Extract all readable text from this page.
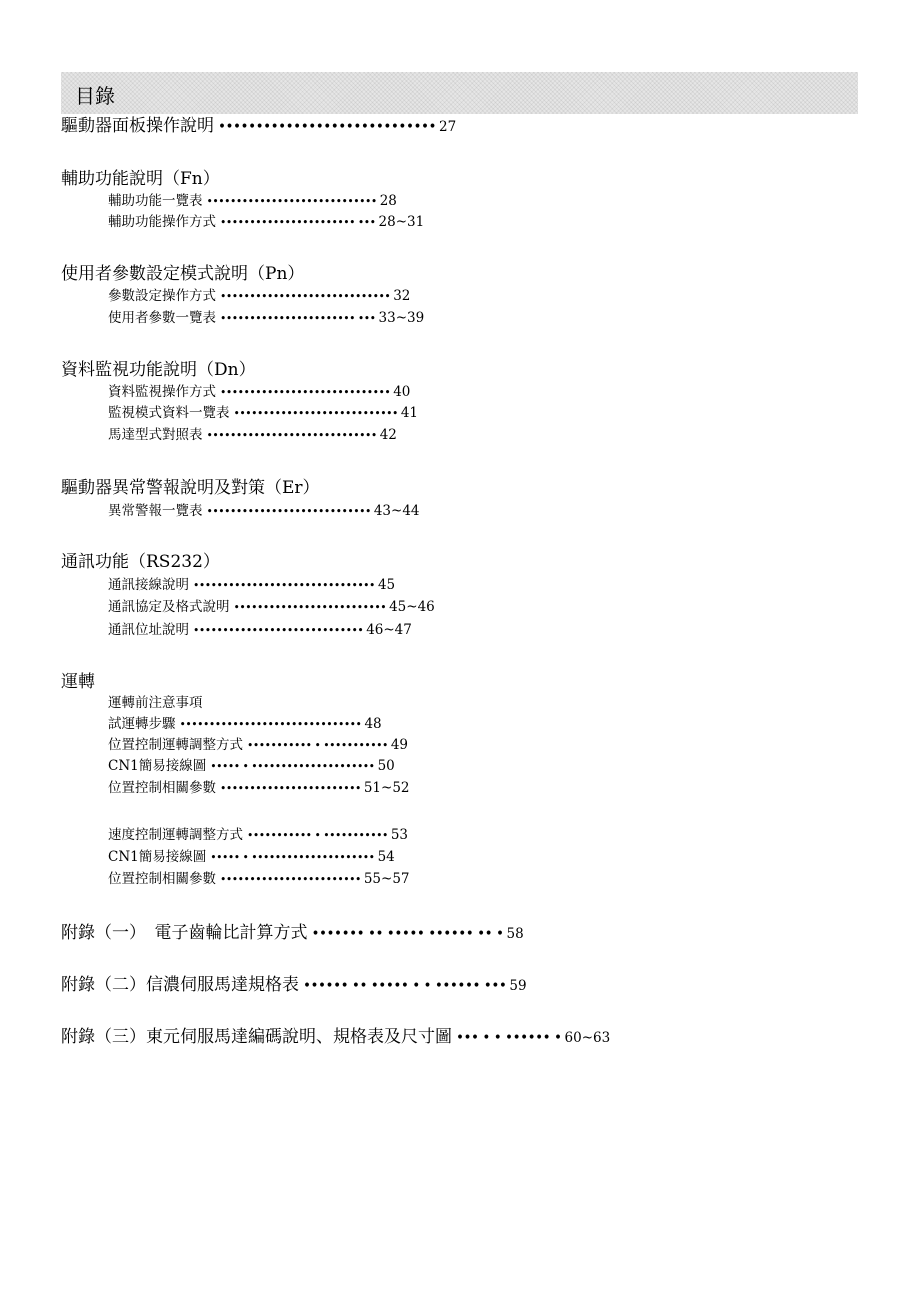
目錄
驅動器面板操作說明 ••••••••••••••••••••••••••••• 27
輔助功能說明（Fn）
輔助功能一覽表 ••••••••••••••••••••••••••••• 28
輔助功能操作方式 ••••••••••••••••••••••• ••• 28~31
使用者參數設定模式說明（Pn）
參數設定操作方式 ••••••••••••••••••••••••••••• 32
使用者參數一覽表 ••••••••••••••••••••••• ••• 33~39
資料監視功能說明（Dn）
資料監視操作方式 ••••••••••••••••••••••••••••• 40
監視模式資料一覽表 •••••••••••••••••••••••••••• 41
馬達型式對照表 ••••••••••••••••••••••••••••• 42
驅動器異常警報說明及對策（Er）
異常警報一覽表 •••••••••••••••••••••••••••• 43~44
通訊功能（RS232）
通訊接線說明 ••••••••••••••••••••••••••••••• 45
通訊協定及格式說明 •••••••••••••••••••••••••• 45~46
通訊位址說明 ••••••••••••••••••••••••••••• 46~47
運轉
運轉前注意事項
試運轉步驟 ••••••••••••••••••••••••••••••• 48
位置控制運轉調整方式 ••••••••••• • ••••••••••• 49
CN1簡易接線圖 ••••• • ••••••••••••••••••••• 50
位置控制相關參數 •••••••••••••••••••••••• 51~52
速度控制運轉調整方式 ••••••••••• • ••••••••••• 53
CN1簡易接線圖 ••••• • ••••••••••••••••••••• 54
位置控制相關參數 •••••••••••••••••••••••• 55~57
附錄（一）　電子齒輪比計算方式 ••••••• •• ••••• •••••• •• • 58
附錄（二）信濃伺服馬達規格表 •••••• •• ••••• • • •••••• ••• 59
附錄（三）東元伺服馬達編碼說明、規格表及尺寸圖 ••• • • •••••• • 60~63
